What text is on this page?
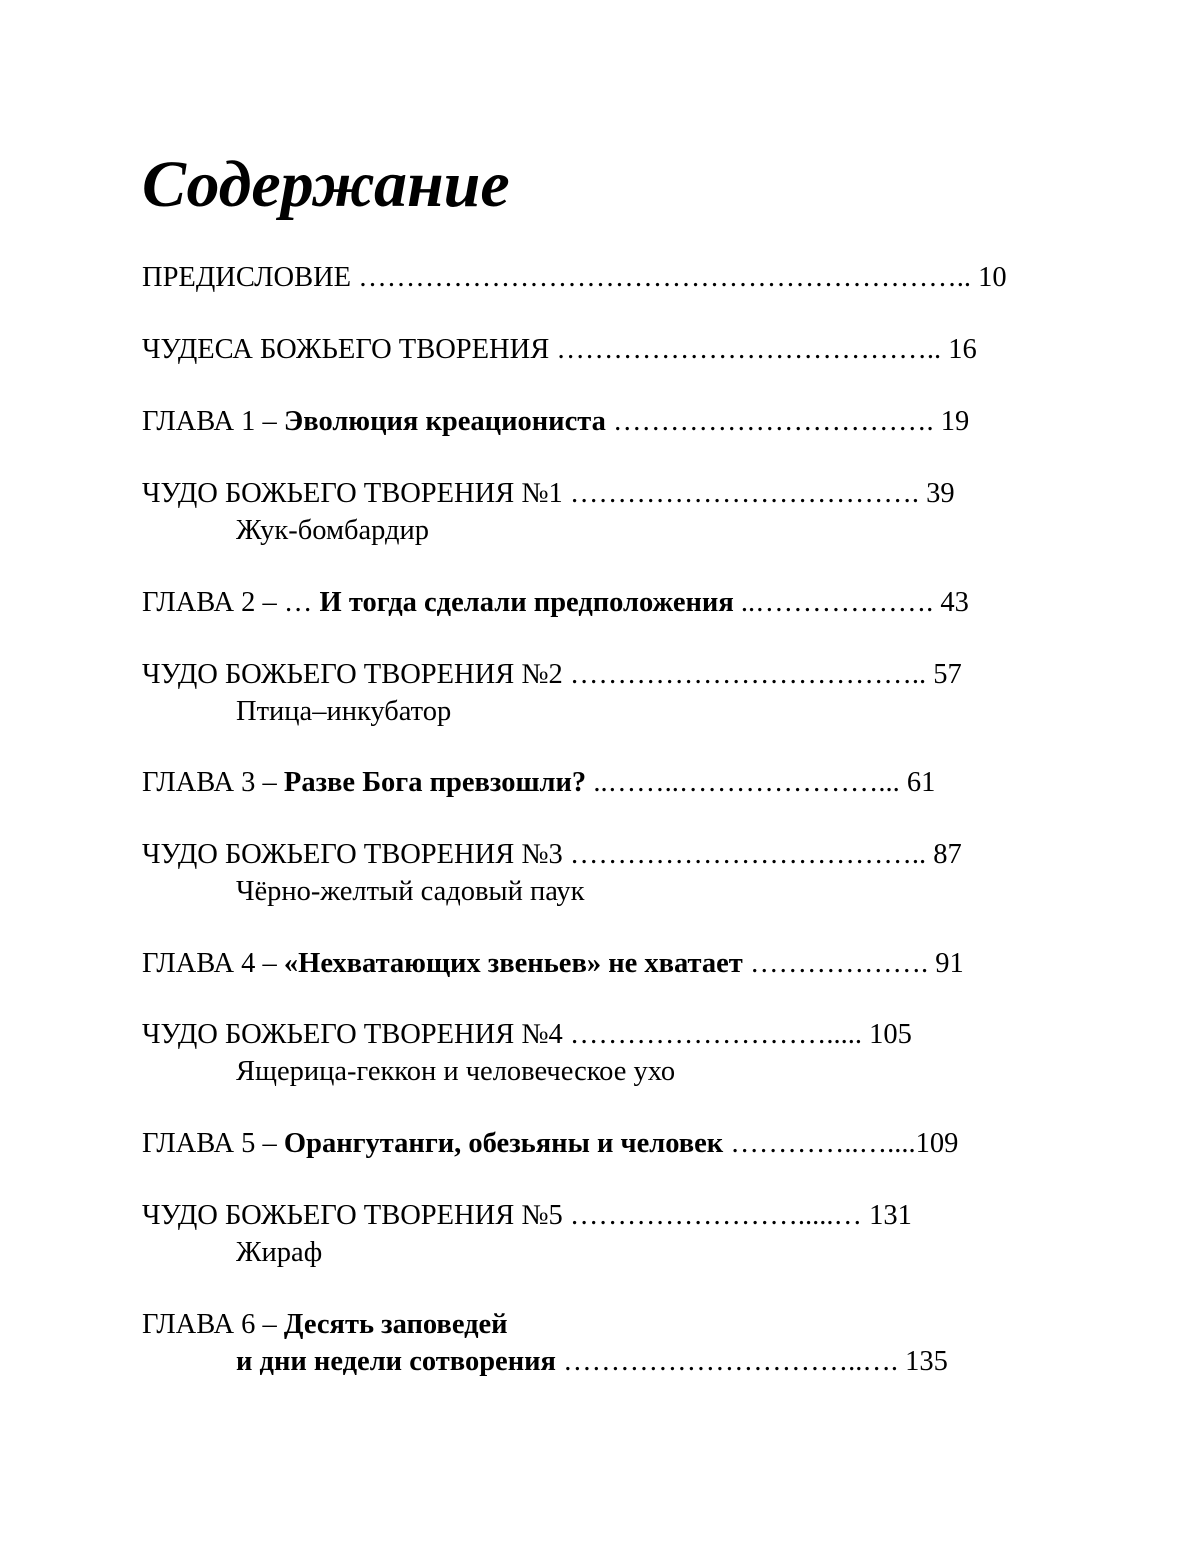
Содержание
ПРЕДИСЛОВИЕ ……………………………………………………….. 10
ЧУДЕСА БОЖЬЕГО ТВОРЕНИЯ ………………………………….. 16
ГЛАВА 1 – Эволюция креациониста ……………………………. 19
ЧУДО БОЖЬЕГО ТВОРЕНИЯ №1 ………………………………. 39
Жук-бомбардир
ГЛАВА 2 – … И тогда сделали предположения ..………………. 43
ЧУДО БОЖЬЕГО ТВОРЕНИЯ №2 ……………………………….. 57
Птица–инкубатор
ГЛАВА 3 – Разве Бога превзошли? ..……..…………………... 61
ЧУДО БОЖЬЕГО ТВОРЕНИЯ №3 ……………………………….. 87
Чёрно-желтый садовый паук
ГЛАВА 4 – «Нехватающих звеньев» не хватает ………………. 91
ЧУДО БОЖЬЕГО ТВОРЕНИЯ №4 ………………………..... 105
Ящерица-геккон и человеческое ухо
ГЛАВА 5 – Орангутанги, обезьяны и человек …………..…....109
ЧУДО БОЖЬЕГО ТВОРЕНИЯ №5 …………………….....… 131
Жираф
ГЛАВА 6 – Десять заповедей
и дни недели сотворения …………………………..…. 135
